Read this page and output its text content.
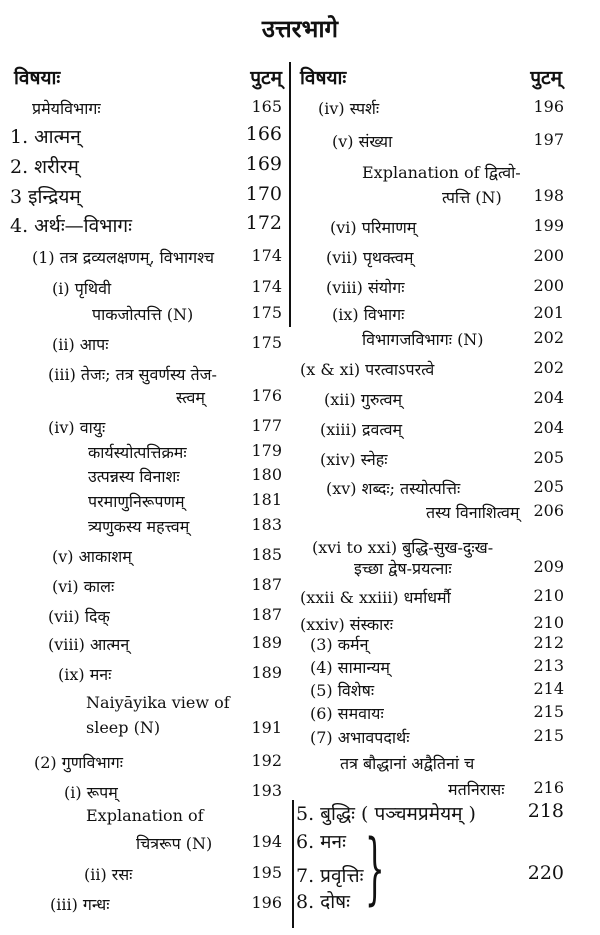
उत्तरभागे
विषयाः	पुटम् विषयाः	पुटम्
प्रमेयविभागः	165
1. आत्मन्	166
2. शरीरम्	169
3 इन्द्रियम्	170
4. अर्थः—विभागः	172
(1) तत्र द्रव्यलक्षणम्, विभागश्च 174
(i) पृथिवी	174
पाकजोत्पत्ति (N)	175
(ii) आपः	175
(iii) तेजः; तत्र सुवर्णस्य तेज-
स्त्वम्	176
(iv) वायुः	177
कार्यस्योत्पत्तिक्रमः	179
उत्पन्नस्य विनाशः	180
परमाणुनिरूपणम्	181
त्र्यणुकस्य महत्त्वम्	183
(v) आकाशम्	185
(vi) कालः	187
(vii) दिक्	187
(viii) आत्मन्	189
(ix) मनः	189
Naiyāyika view of
sleep (N)	191
(2) गुणविभागः	192
(i) रूपम्	193
Explanation of
चित्ररूप (N) 194
(ii) रसः	195
(iii) गन्धः	196
(iv) स्पर्शः	196
(v) संख्या	197
Explanation of द्वित्वो-
त्पत्ति (N) 198
(vi) परिमाणम्	199
(vii) पृथक्त्वम्	200
(viii) संयोगः	200
(ix) विभागः	201
विभागजविभागः (N)	202
(x & xi) परत्वाऽपरत्वे	202
(xii) गुरुत्वम्	204
(xiii) द्रवत्वम्	204
(xiv) स्नेहः	205
(xv) शब्दः; तस्योत्पत्तिः	205
तस्य विनाशित्वम् 206
(xvi to xxi) बुद्धि-सुख-दुःख-
इच्छा द्वेष-प्रयत्नाः	209
(xxii & xxiii) धर्माधर्मौ	210
(xxiv) संस्कारः	210
(3) कर्मन्	212
(4) सामान्यम्	213
(5) विशेषः	214
(6) समवायः	215
(7) अभावपदार्थः	215
तत्र बौद्धानां अद्वैतिनां च
मतनिरासः 216
5. बुद्धिः ( पञ्चमप्रमेयम् )	218
6. मनः
7. प्रवृत्तिः	220
8. दोषः }
